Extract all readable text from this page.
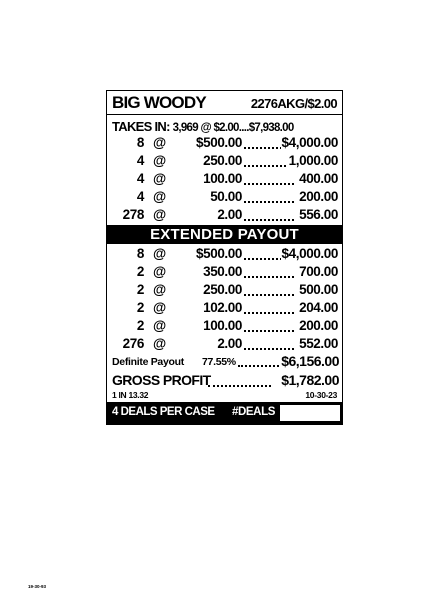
BIG WOODY	2276AKG/$2.00
TAKES IN: 3,969 @ $2.00....$7,938.00
8 @ $500.00	$4,000.00
4 @	250.00	1,000.00
4 @	100.00	400.00
4 @	50.00	200.00
278 @	2.00	556.00
EXTENDED PAYOUT
8 @ $500.00	$4,000.00
2 @	350.00	700.00
2 @	250.00	500.00
2 @	102.00	204.00
2 @	100.00	200.00
276 @	2.00	552.00
Definite Payout 77.55%	$6,156.00
GROSS PROFIT	$1,782.00
1 IN 13.32	10-30-23
4 DEALS PER CASE #DEALS
19-30-93
